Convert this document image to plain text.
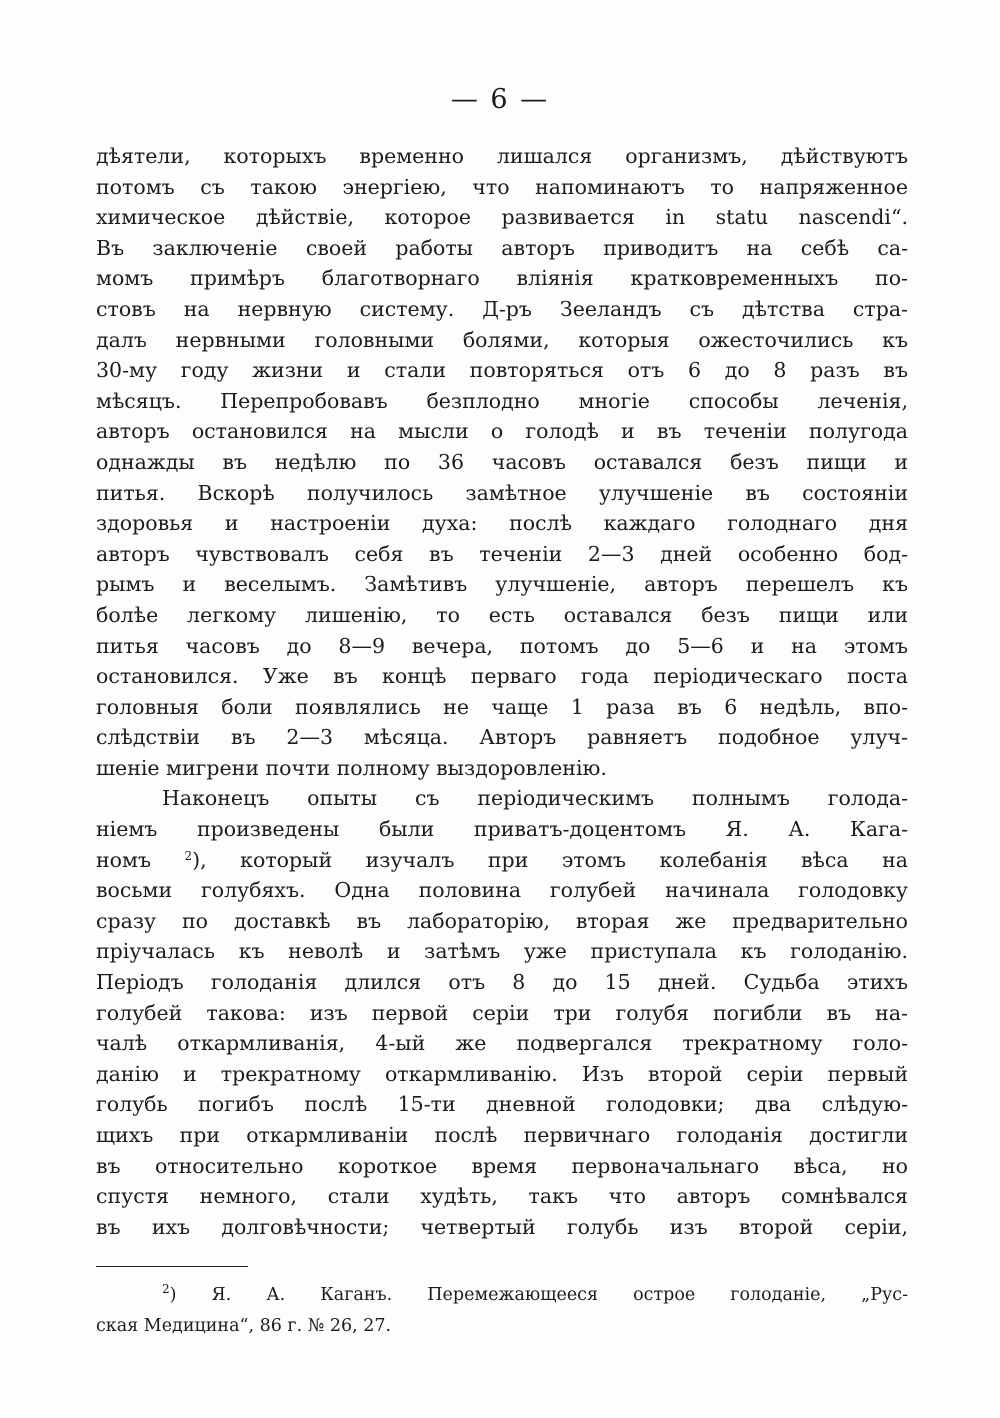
— 6 —
дѣятели, которыхъ временно лишался организмъ, дѣйствуютъ
потомъ съ такою энергіею, что напоминаютъ то напряженное
химическое дѣйствіе, которое развивается in statu nascendi“.
Въ заключеніе своей работы авторъ приводитъ на себѣ са-
момъ примѣръ благотворнаго вліянія кратковременныхъ по-
стовъ на нервную систему. Д-ръ Зееландъ съ дѣтства стра-
далъ нервными головными болями, которыя ожесточились къ
30-му году жизни и стали повторяться отъ 6 до 8 разъ въ
мѣсяцъ. Перепробовавъ безплодно многіе способы леченія,
авторъ остановился на мысли о голодѣ и въ теченіи полугода
однажды въ недѣлю по 36 часовъ оставался безъ пищи и
питья. Вскорѣ получилось замѣтное улучшеніе въ состояніи
здоровья и настроеніи духа: послѣ каждаго голоднаго дня
авторъ чувствовалъ себя въ теченіи 2—3 дней особенно бод-
рымъ и веселымъ. Замѣтивъ улучшеніе, авторъ перешелъ къ
болѣе легкому лишенію, то есть оставался безъ пищи или
питья часовъ до 8—9 вечера, потомъ до 5—6 и на этомъ
остановился. Уже въ концѣ перваго года періодическаго поста
головныя боли появлялись не чаще 1 раза въ 6 недѣль, впо-
слѣдствіи въ 2—3 мѣсяца. Авторъ равняетъ подобное улуч-
шеніе мигрени почти полному выздоровленію.
Наконецъ опыты съ періодическимъ полнымъ голода-
ніемъ произведены были приватъ-доцентомъ Я. А. Кага-
номъ	$^2$), который изучалъ при этомъ колебанія вѣса на
восьми голубяхъ. Одна половина голубей начинала голодовку
сразу по доставкѣ въ лабораторію, вторая же предварительно
пріучалась къ неволѣ и затѣмъ уже приступала къ голоданію.
Періодъ голоданія длился отъ 8 до 15 дней. Судьба этихъ
голубей такова: изъ первой серіи три голубя погибли въ на-
чалѣ откармливанія, 4-ый же подвергался трекратному голо-
данію и трекратному откармливанію. Изъ второй серіи первый
голубь погибъ послѣ 15-ти дневной голодовки; два слѣдую-
щихъ при откармливаніи послѣ первичнаго голоданія достигли
въ относительно короткое время первоначальнаго вѣса, но
спустя немного, стали худѣть, такъ что авторъ сомнѣвался
въ ихъ долговѣчности; четвертый голубь изъ второй серіи,
$^2$) Я. А. Каганъ. Перемежающееся острое голоданіе, „Рус-
ская Медицина“, 86 г. № 26, 27.
